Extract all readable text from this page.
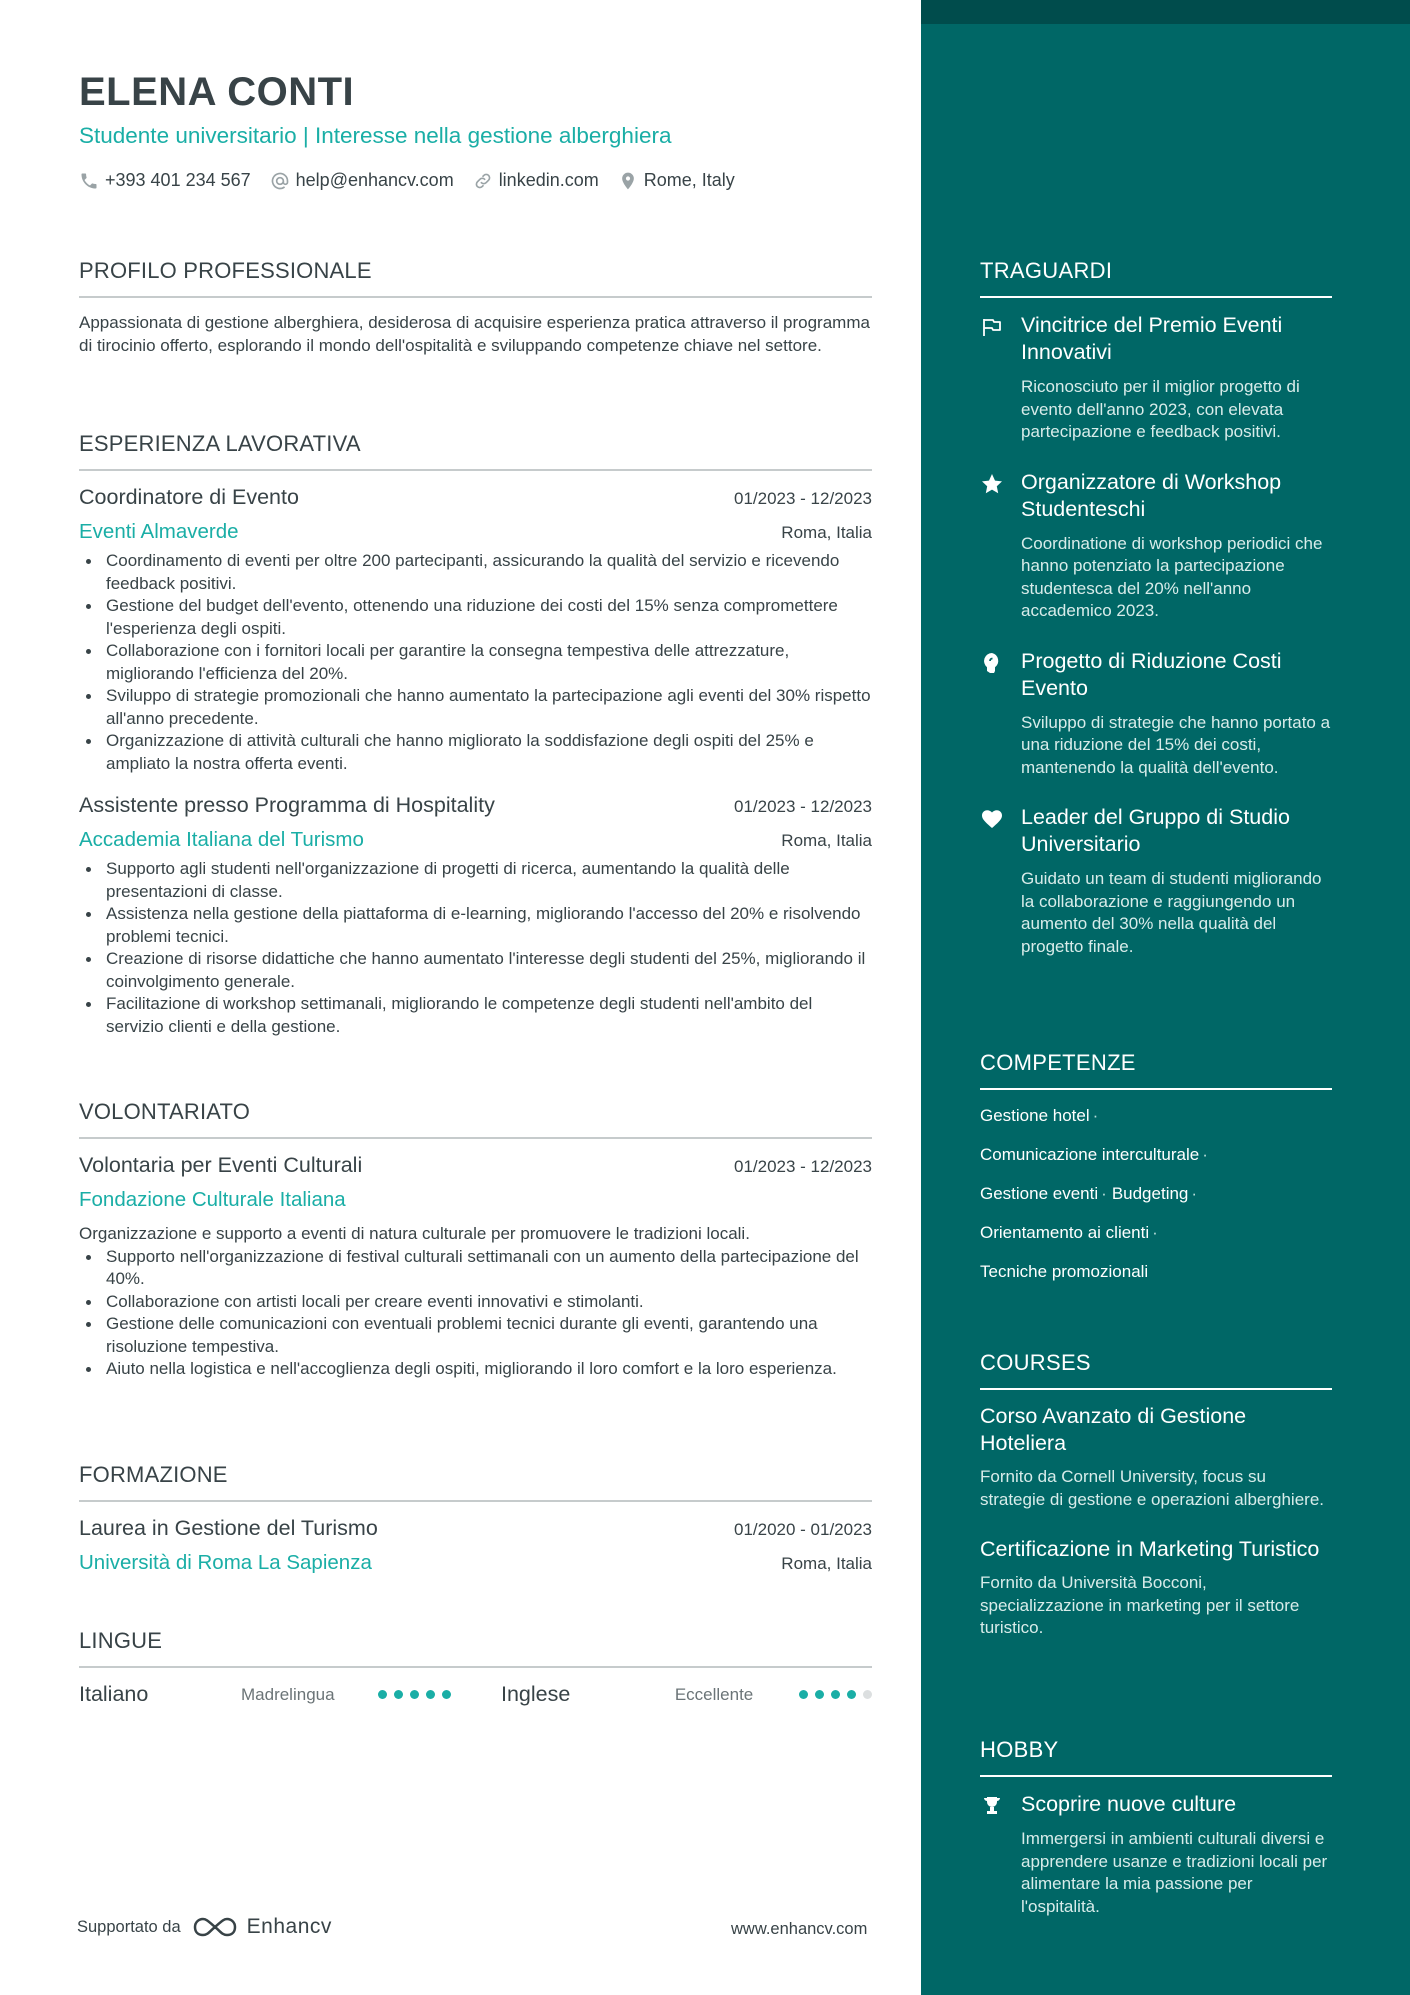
ELENA CONTI
Studente universitario | Interesse nella gestione alberghiera
+393 401 234 567	help@enhancv.com	linkedin.com	Rome, Italy
PROFILO PROFESSIONALE

Appassionata di gestione alberghiera, desiderosa di acquisire esperienza pratica attraverso il programma di tirocinio offerto, esplorando il mondo dell'ospitalità e sviluppando competenze chiave nel settore.

ESPERIENZA LAVORATIVA
Coordinatore di Evento	01/2023 - 12/2023
Eventi Almaverde	Roma, Italia
Coordinamento di eventi per oltre 200 partecipanti, assicurando la qualità del servizio e ricevendo feedback positivi.
Gestione del budget dell'evento, ottenendo una riduzione dei costi del 15% senza compromettere l'esperienza degli ospiti.
Collaborazione con i fornitori locali per garantire la consegna tempestiva delle attrezzature, migliorando l'efficienza del 20%.
Sviluppo di strategie promozionali che hanno aumentato la partecipazione agli eventi del 30% rispetto all'anno precedente.
Organizzazione di attività culturali che hanno migliorato la soddisfazione degli ospiti del 25% e ampliato la nostra offerta eventi.
Assistente presso Programma di Hospitality	01/2023 - 12/2023
Accademia Italiana del Turismo	Roma, Italia
Supporto agli studenti nell'organizzazione di progetti di ricerca, aumentando la qualità delle presentazioni di classe.
Assistenza nella gestione della piattaforma di e-learning, migliorando l'accesso del 20% e risolvendo problemi tecnici.
Creazione di risorse didattiche che hanno aumentato l'interesse degli studenti del 25%, migliorando il coinvolgimento generale.
Facilitazione di workshop settimanali, migliorando le competenze degli studenti nell'ambito del servizio clienti e della gestione.
VOLONTARIATO
Volontaria per Eventi Culturali	01/2023 - 12/2023
Fondazione Culturale Italiana

Organizzazione e supporto a eventi di natura culturale per promuovere le tradizioni locali.

Supporto nell'organizzazione di festival culturali settimanali con un aumento della partecipazione del 40%.
Collaborazione con artisti locali per creare eventi innovativi e stimolanti.
Gestione delle comunicazioni con eventuali problemi tecnici durante gli eventi, garantendo una risoluzione tempestiva.
Aiuto nella logistica e nell'accoglienza degli ospiti, migliorando il loro comfort e la loro esperienza.
FORMAZIONE
Laurea in Gestione del Turismo	01/2020 - 01/2023
Università di Roma La Sapienza	Roma, Italia
LINGUE
Italiano	Madrelingua	Inglese	Eccellente
Supportato da	Enhancv	www.enhancv.com
TRAGUARDI
Vincitrice del Premio Eventi Innovativi
Riconosciuto per il miglior progetto di evento dell'anno 2023, con elevata partecipazione e feedback positivi.
Organizzatore di Workshop Studenteschi
Coordinatione di workshop periodici che hanno potenziato la partecipazione studentesca del 20% nell'anno accademico 2023.
Progetto di Riduzione Costi Evento
Sviluppo di strategie che hanno portato a una riduzione del 15% dei costi, mantenendo la qualità dell'evento.
Leader del Gruppo di Studio Universitario
Guidato un team di studenti migliorando la collaborazione e raggiungendo un aumento del 30% nella qualità del progetto finale.
COMPETENZE
Gestione hotel ·
Comunicazione interculturale ·
Gestione eventi · Budgeting ·
Orientamento ai clienti ·
Tecniche promozionali
COURSES
Corso Avanzato di Gestione Hoteliera
Fornito da Cornell University, focus su strategie di gestione e operazioni alberghiere.
Certificazione in Marketing Turistico
Fornito da Università Bocconi, specializzazione in marketing per il settore turistico.
HOBBY
Scoprire nuove culture
Immergersi in ambienti culturali diversi e apprendere usanze e tradizioni locali per alimentare la mia passione per l'ospitalità.
